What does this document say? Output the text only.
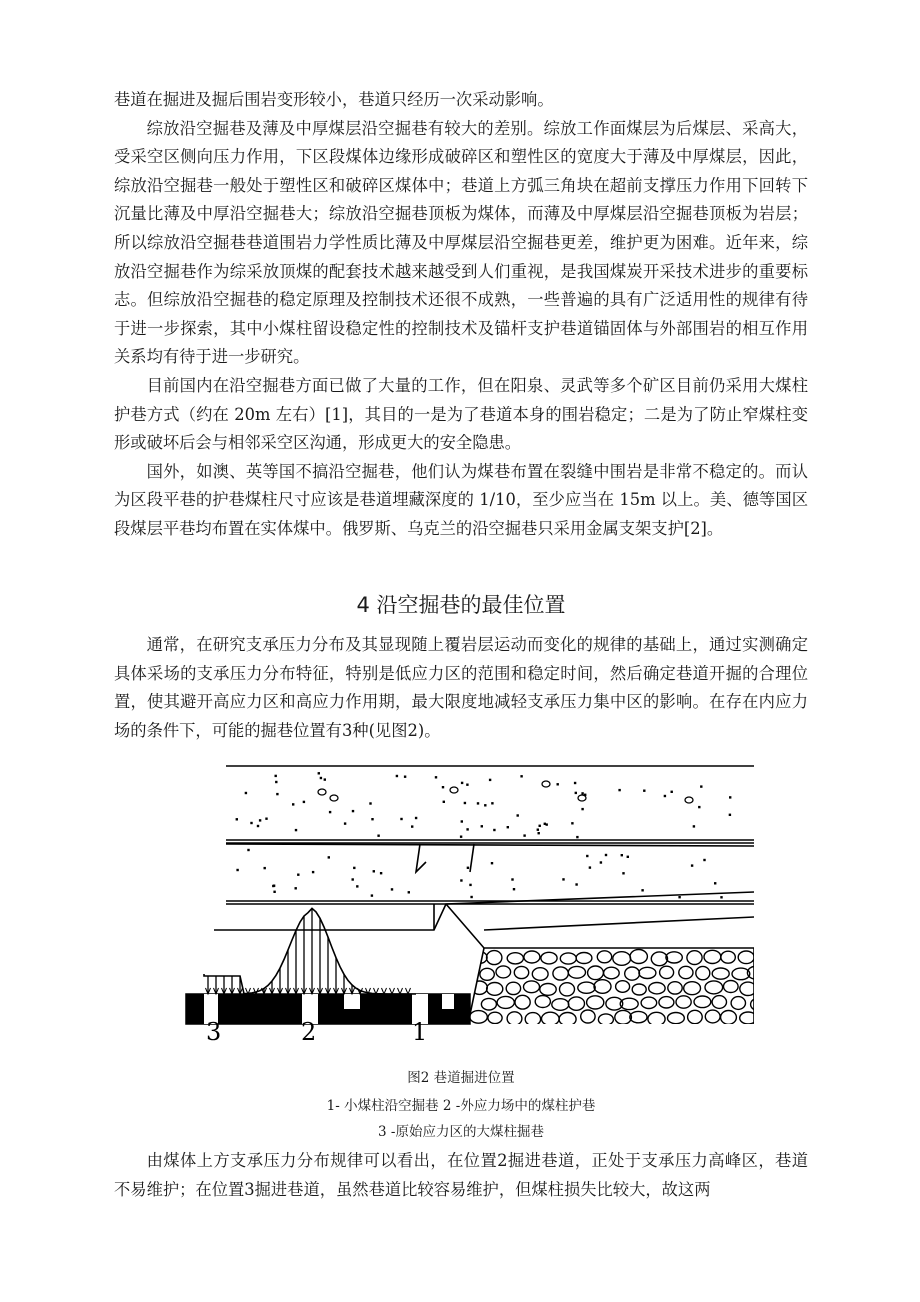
巷道在掘进及掘后围岩变形较小，巷道只经历一次采动影响。

综放沿空掘巷及薄及中厚煤层沿空掘巷有较大的差别。综放工作面煤层为后煤层、采高大，受采空区侧向压力作用，下区段煤体边缘形成破碎区和塑性区的宽度大于薄及中厚煤层，因此，综放沿空掘巷一般处于塑性区和破碎区煤体中；巷道上方弧三角块在超前支撑压力作用下回转下沉量比薄及中厚沿空掘巷大；综放沿空掘巷顶板为煤体，而薄及中厚煤层沿空掘巷顶板为岩层；所以综放沿空掘巷巷道围岩力学性质比薄及中厚煤层沿空掘巷更差，维护更为困难。近年来，综放沿空掘巷作为综采放顶煤的配套技术越来越受到人们重视，是我国煤炭开采技术进步的重要标志。但综放沿空掘巷的稳定原理及控制技术还很不成熟，一些普遍的具有广泛适用性的规律有待于进一步探索，其中小煤柱留设稳定性的控制技术及锚杆支护巷道锚固体与外部围岩的相互作用关系均有待于进一步研究。

目前国内在沿空掘巷方面已做了大量的工作，但在阳泉、灵武等多个矿区目前仍采用大煤柱护巷方式（约在 20m 左右）[1]，其目的一是为了巷道本身的围岩稳定；二是为了防止窄煤柱变形或破坏后会与相邻采空区沟通，形成更大的安全隐患。

国外，如澳、英等国不搞沿空掘巷，他们认为煤巷布置在裂缝中围岩是非常不稳定的。而认为区段平巷的护巷煤柱尺寸应该是巷道埋藏深度的 1/10，至少应当在 15m 以上。美、德等国区段煤层平巷均布置在实体煤中。俄罗斯、乌克兰的沿空掘巷只采用金属支架支护[2]。

4 沿空掘巷的最佳位置

通常，在研究支承压力分布及其显现随上覆岩层运动而变化的规律的基础上，通过实测确定具体采场的支承压力分布特征，特别是低应力区的范围和稳定时间，然后确定巷道开掘的合理位置，使其避开高应力区和高应力作用期，最大限度地减轻支承压力集中区的影响。在存在内应力场的条件下，可能的掘巷位置有3种(见图2)。

3	2	1

图2 巷道掘进位置

1- 小煤柱沿空掘巷 2 -外应力场中的煤柱护巷

3 -原始应力区的大煤柱掘巷

由煤体上方支承压力分布规律可以看出，在位置2掘进巷道，正处于支承压力高峰区，巷道不易维护；在位置3掘进巷道，虽然巷道比较容易维护，但煤柱损失比较大，故这两
